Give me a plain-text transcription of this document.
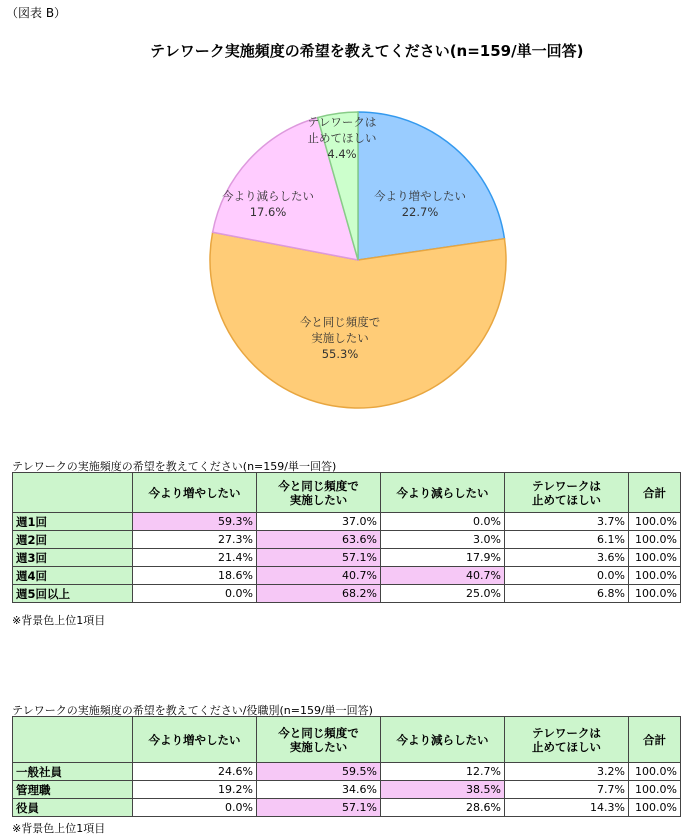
（図表 B）
テレワーク実施頻度の希望を教えてください(n=159/単一回答)
今より増やしたい 22.7%
今と同じ頻度で実施したい 55.3%
今より減らしたい 17.6%
テレワークは止めてほしい 4.4%
テレワークの実施頻度の希望を教えてください(n=159/単一回答)
	今より増やしたい	今と同じ頻度で
実施したい	今より減らしたい	テレワークは
止めてほしい	合計
週1回	59.3%	37.0%	0.0%	3.7%	100.0%
週2回	27.3%	63.6%	3.0%	6.1%	100.0%
週3回	21.4%	57.1%	17.9%	3.6%	100.0%
週4回	18.6%	40.7%	40.7%	0.0%	100.0%
週5回以上	0.0%	68.2%	25.0%	6.8%	100.0%
※背景色上位1項目
テレワークの実施頻度の希望を教えてください/役職別(n=159/単一回答)
	今より増やしたい	今と同じ頻度で
実施したい	今より減らしたい	テレワークは
止めてほしい	合計
一般社員	24.6%	59.5%	12.7%	3.2%	100.0%
管理職	19.2%	34.6%	38.5%	7.7%	100.0%
役員	0.0%	57.1%	28.6%	14.3%	100.0%
※背景色上位1項目
